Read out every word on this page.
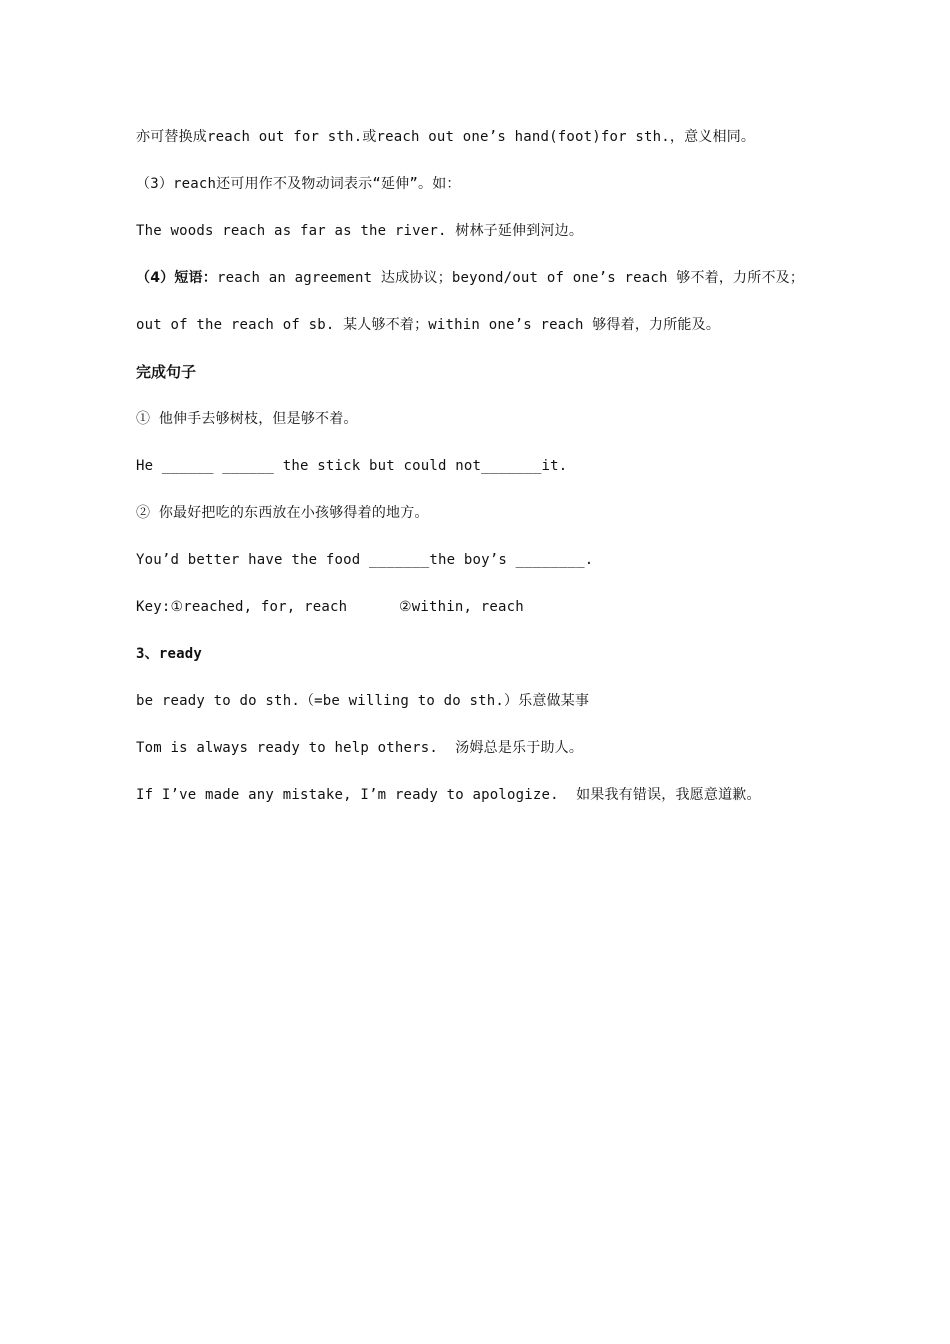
亦可替换成reach out for sth.或reach out one’s hand(foot)for sth.，意义相同。

（3）reach还可用作不及物动词表示“延伸”。如：

The woods reach as far as the river. 树林子延伸到河边。

（4）短语：reach an agreement 达成协议；beyond/out of one’s reach 够不着，力所不及；

out of the reach of sb. 某人够不着；within one’s reach 够得着，力所能及。

完成句子

① 他伸手去够树枝，但是够不着。

He ______ ______ the stick but could not_______it.

② 你最好把吃的东西放在小孩够得着的地方。

You’d better have the food _______the boy’s ________.

Key:①reached, for, reach      ②within, reach

3、ready

be ready to do sth.（=be willing to do sth.）乐意做某事

Tom is always ready to help others.  汤姆总是乐于助人。

If I’ve made any mistake, I’m ready to apologize.  如果我有错误，我愿意道歉。
